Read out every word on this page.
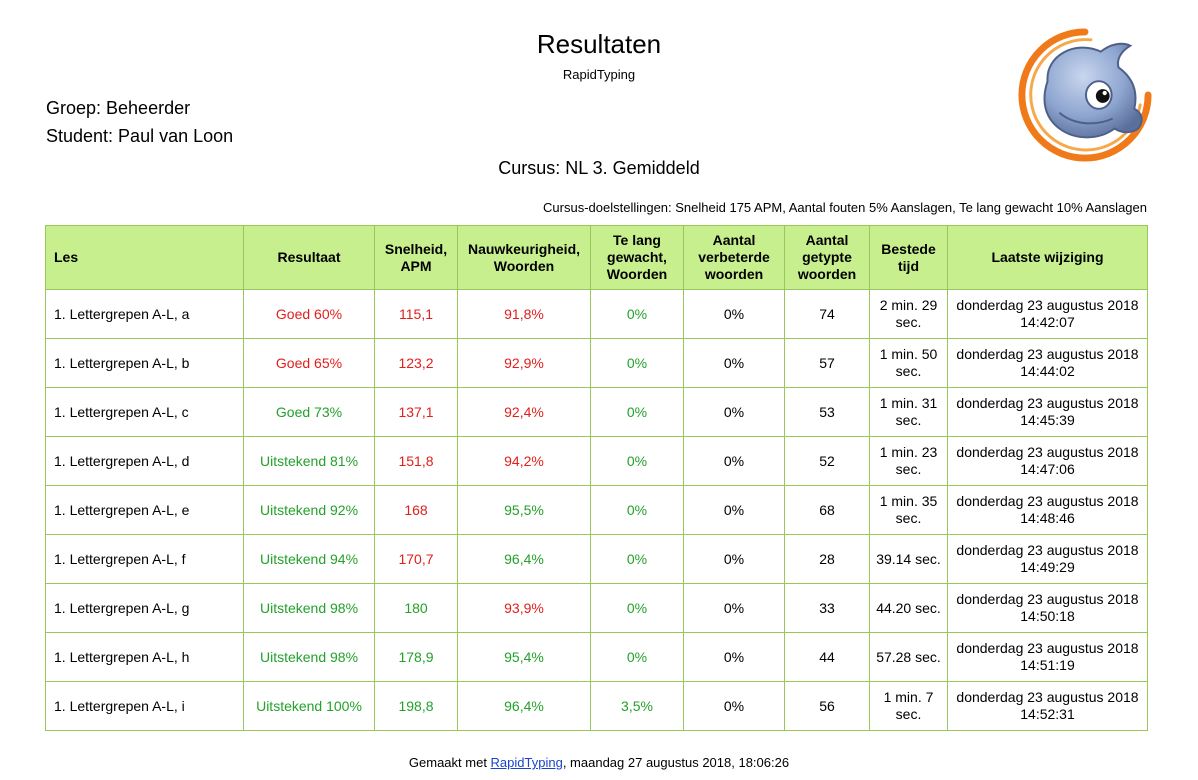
Resultaten
RapidTyping
Groep: Beheerder
Student: Paul van Loon
Cursus: NL 3. Gemiddeld
Cursus-doelstellingen: Snelheid 175 APM, Aantal fouten 5% Aanslagen, Te lang gewacht 10% Aanslagen
Les	Resultaat	Snelheid, APM	Nauwkeurigheid, Woorden	Te lang gewacht, Woorden	Aantal verbeterde woorden	Aantal getypte woorden	Bestede tijd	Laatste wijziging
1. Lettergrepen A-L, a	Goed 60%	115,1	91,8%	0%	0%	74	2 min. 29 sec.	donderdag 23 augustus 2018 14:42:07
1. Lettergrepen A-L, b	Goed 65%	123,2	92,9%	0%	0%	57	1 min. 50 sec.	donderdag 23 augustus 2018 14:44:02
1. Lettergrepen A-L, c	Goed 73%	137,1	92,4%	0%	0%	53	1 min. 31 sec.	donderdag 23 augustus 2018 14:45:39
1. Lettergrepen A-L, d	Uitstekend 81%	151,8	94,2%	0%	0%	52	1 min. 23 sec.	donderdag 23 augustus 2018 14:47:06
1. Lettergrepen A-L, e	Uitstekend 92%	168	95,5%	0%	0%	68	1 min. 35 sec.	donderdag 23 augustus 2018 14:48:46
1. Lettergrepen A-L, f	Uitstekend 94%	170,7	96,4%	0%	0%	28	39.14 sec.	donderdag 23 augustus 2018 14:49:29
1. Lettergrepen A-L, g	Uitstekend 98%	180	93,9%	0%	0%	33	44.20 sec.	donderdag 23 augustus 2018 14:50:18
1. Lettergrepen A-L, h	Uitstekend 98%	178,9	95,4%	0%	0%	44	57.28 sec.	donderdag 23 augustus 2018 14:51:19
1. Lettergrepen A-L, i	Uitstekend 100%	198,8	96,4%	3,5%	0%	56	1 min. 7 sec.	donderdag 23 augustus 2018 14:52:31
Gemaakt met RapidTyping, maandag 27 augustus 2018, 18:06:26
